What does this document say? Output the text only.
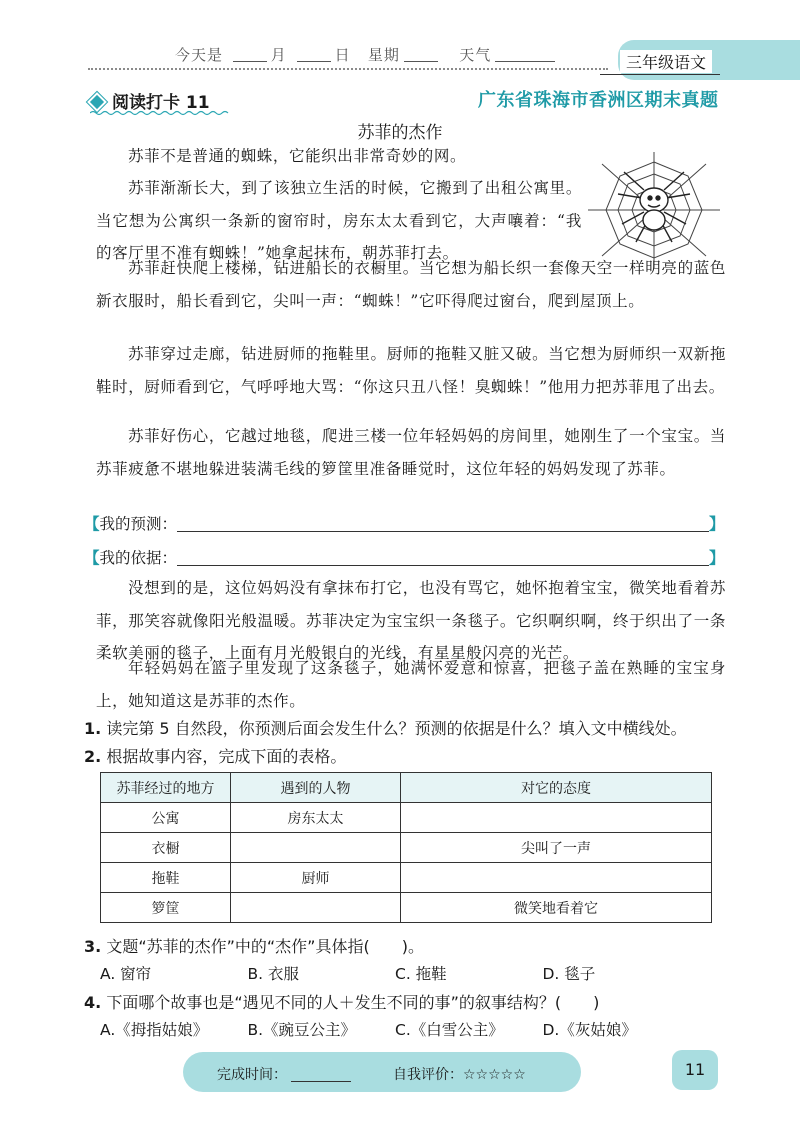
今天是	月	日 星期	天气	三年级语文
阅读打卡 11	广东省珠海市香洲区期末真题
苏菲的杰作
苏菲不是普通的蜘蛛，它能织出非常奇妙的网。
苏菲渐渐长大，到了该独立生活的时候，它搬到了出租公寓里。当它想为公寓织一条新的窗帘时，房东太太看到它，大声嚷着：“我的客厅里不准有蜘蛛！”她拿起抹布，朝苏菲打去。
苏菲赶快爬上楼梯，钻进船长的衣橱里。当它想为船长织一套像天空一样明亮的蓝色新衣服时，船长看到它，尖叫一声：“蜘蛛！”它吓得爬过窗台，爬到屋顶上。
苏菲穿过走廊，钻进厨师的拖鞋里。厨师的拖鞋又脏又破。当它想为厨师织一双新拖鞋时，厨师看到它，气呼呼地大骂：“你这只丑八怪！臭蜘蛛！”他用力把苏菲甩了出去。
苏菲好伤心，它越过地毯，爬进三楼一位年轻妈妈的房间里，她刚生了一个宝宝。当苏菲疲惫不堪地躲进装满毛线的箩筐里准备睡觉时，这位年轻的妈妈发现了苏菲。
【我的预测：	】
【我的依据：	】
没想到的是，这位妈妈没有拿抹布打它，也没有骂它，她怀抱着宝宝，微笑地看着苏菲，那笑容就像阳光般温暖。苏菲决定为宝宝织一条毯子。它织啊织啊，终于织出了一条柔软美丽的毯子，上面有月光般银白的光线，有星星般闪亮的光芒。
年轻妈妈在篮子里发现了这条毯子，她满怀爱意和惊喜，把毯子盖在熟睡的宝宝身上，她知道这是苏菲的杰作。
1. 读完第 5 自然段，你预测后面会发生什么？预测的依据是什么？填入文中横线处。
2. 根据故事内容，完成下面的表格。
苏菲经过的地方	遇到的人物	对它的态度
公寓	房东太太	
衣橱		尖叫了一声
拖鞋	厨师	
箩筐		微笑地看着它
3. 文题“苏菲的杰作”中的“杰作”具体指(　　)。
A. 窗帘	B. 衣服	C. 拖鞋	D. 毯子
4. 下面哪个故事也是“遇见不同的人＋发生不同的事”的叙事结构？(　　)
A.《拇指姑娘》	B.《豌豆公主》	C.《白雪公主》	D.《灰姑娘》
完成时间：	自我评价：☆☆☆☆☆	11
